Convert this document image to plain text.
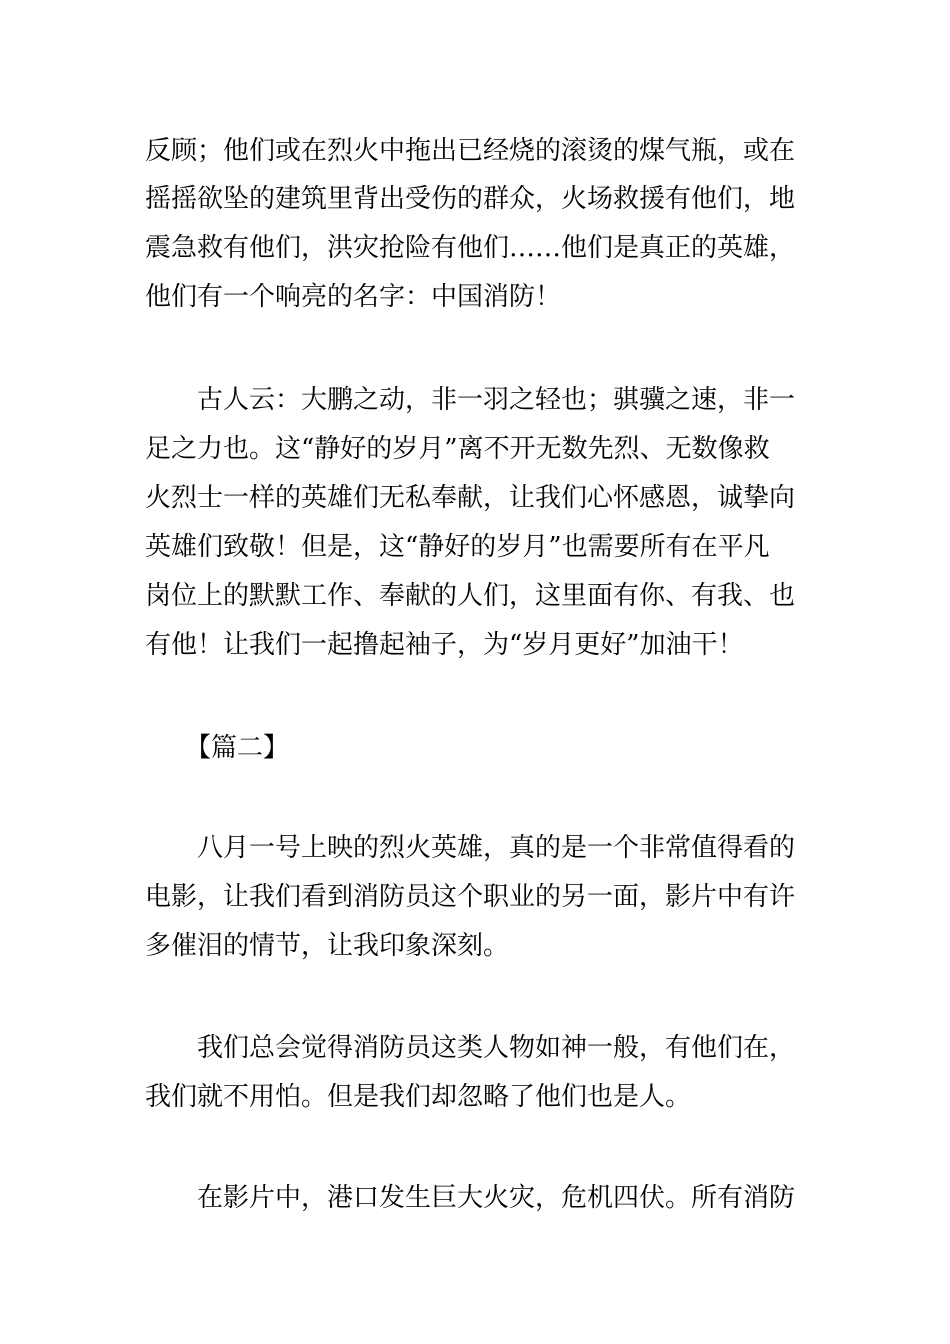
反顾；他们或在烈火中拖出已经烧的滚烫的煤气瓶，或在
摇摇欲坠的建筑里背出受伤的群众，火场救援有他们，地
震急救有他们，洪灾抢险有他们……他们是真正的英雄，
他们有一个响亮的名字：中国消防！
古人云：大鹏之动，非一羽之轻也；骐骥之速，非一
足之力也。这“静好的岁月”离不开无数先烈、无数像救
火烈士一样的英雄们无私奉献，让我们心怀感恩，诚挚向
英雄们致敬！但是，这“静好的岁月”也需要所有在平凡
岗位上的默默工作、奉献的人们，这里面有你、有我、也
有他！让我们一起撸起袖子，为“岁月更好”加油干！
【篇二】
八月一号上映的烈火英雄，真的是一个非常值得看的
电影，让我们看到消防员这个职业的另一面，影片中有许
多催泪的情节，让我印象深刻。
我们总会觉得消防员这类人物如神一般，有他们在，
我们就不用怕。但是我们却忽略了他们也是人。
在影片中，港口发生巨大火灾，危机四伏。所有消防
